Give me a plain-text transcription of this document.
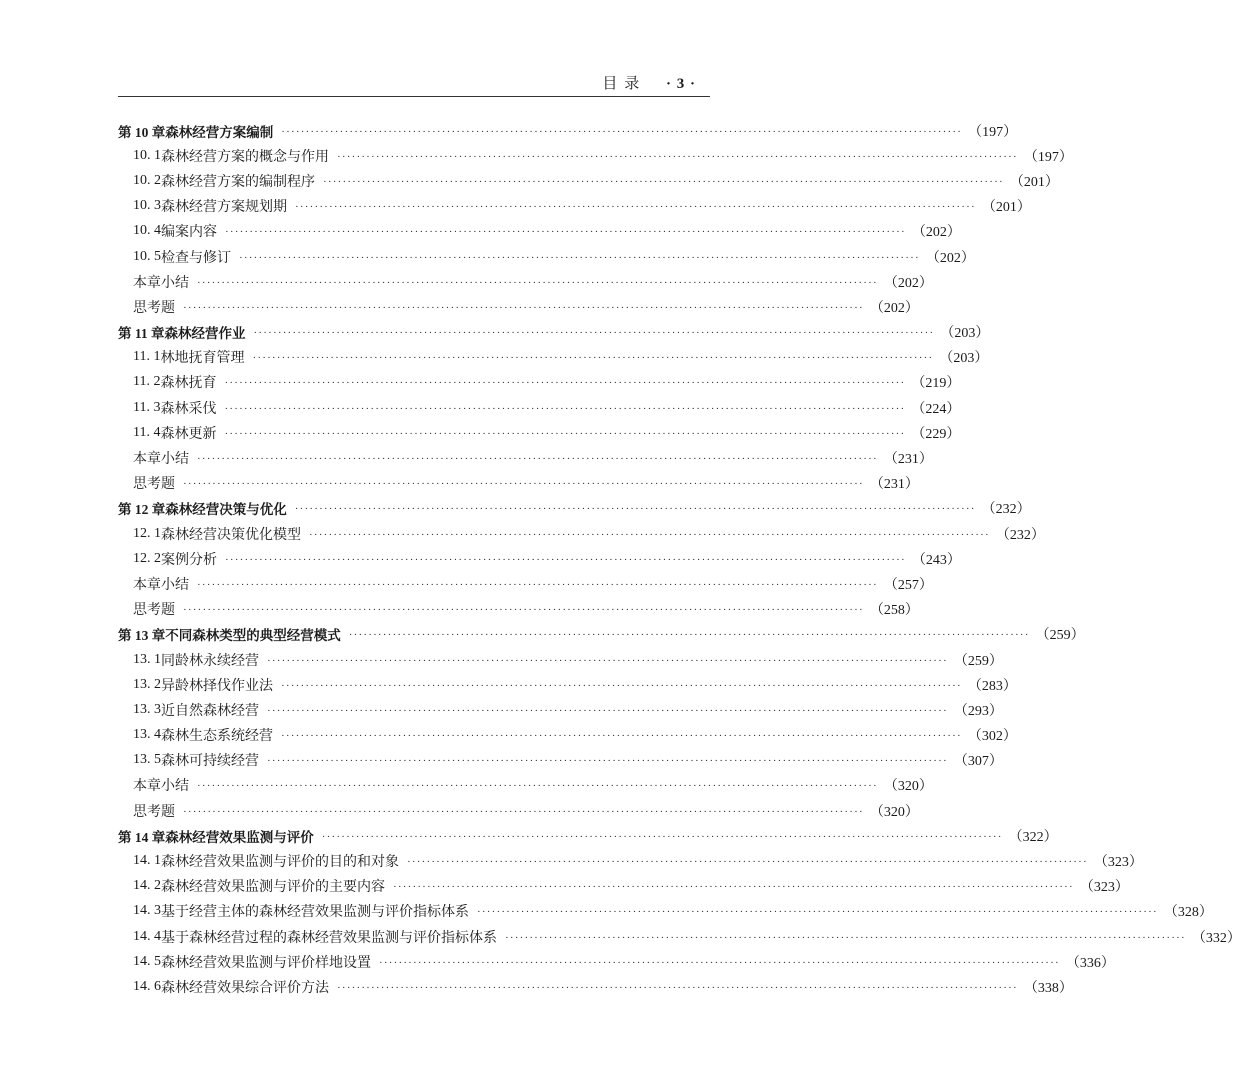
目 录 · 3 ·
第 10 章 森林经营方案编制 ············································································································································ （197）
10. 1 森林经营方案的概念与作用 ············································································································································ （197）
10. 2 森林经营方案的编制程序 ············································································································································ （201）
10. 3 森林经营方案规划期 ············································································································································ （201）
10. 4 编案内容 ············································································································································ （202）
10. 5 检查与修订 ············································································································································ （202）
本章小结 ············································································································································ （202）
思考题 ············································································································································ （202）
第 11 章 森林经营作业 ············································································································································ （203）
11. 1 林地抚育管理 ············································································································································ （203）
11. 2 森林抚育 ············································································································································ （219）
11. 3 森林采伐 ············································································································································ （224）
11. 4 森林更新 ············································································································································ （229）
本章小结 ············································································································································ （231）
思考题 ············································································································································ （231）
第 12 章 森林经营决策与优化 ············································································································································ （232）
12. 1 森林经营决策优化模型 ············································································································································ （232）
12. 2 案例分析 ············································································································································ （243）
本章小结 ············································································································································ （257）
思考题 ············································································································································ （258）
第 13 章 不同森林类型的典型经营模式 ············································································································································ （259）
13. 1 同龄林永续经营 ············································································································································ （259）
13. 2 异龄林择伐作业法 ············································································································································ （283）
13. 3 近自然森林经营 ············································································································································ （293）
13. 4 森林生态系统经营 ············································································································································ （302）
13. 5 森林可持续经营 ············································································································································ （307）
本章小结 ············································································································································ （320）
思考题 ············································································································································ （320）
第 14 章 森林经营效果监测与评价 ············································································································································ （322）
14. 1 森林经营效果监测与评价的目的和对象 ············································································································································ （323）
14. 2 森林经营效果监测与评价的主要内容 ············································································································································ （323）
14. 3 基于经营主体的森林经营效果监测与评价指标体系 ············································································································································ （328）
14. 4 基于森林经营过程的森林经营效果监测与评价指标体系 ············································································································································ （332）
14. 5 森林经营效果监测与评价样地设置 ············································································································································ （336）
14. 6 森林经营效果综合评价方法 ············································································································································ （338）
